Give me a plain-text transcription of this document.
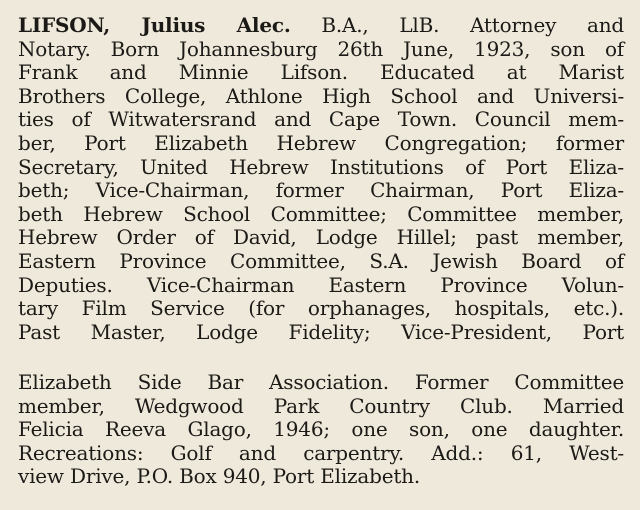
LIFSON, Julius Alec. B.A., LlB. Attorney and
Notary. Born Johannesburg 26th June, 1923, son of
Frank and Minnie Lifson. Educated at Marist
Brothers College, Athlone High School and Universi-
ties of Witwatersrand and Cape Town. Council mem-
ber, Port Elizabeth Hebrew Congregation; former
Secretary, United Hebrew Institutions of Port Eliza-
beth; Vice-Chairman, former Chairman, Port Eliza-
beth Hebrew School Committee; Committee member,
Hebrew Order of David, Lodge Hillel; past member,
Eastern Province Committee, S.A. Jewish Board of
Deputies. Vice-Chairman Eastern Province Volun-
tary Film Service (for orphanages, hospitals, etc.).
Past Master, Lodge Fidelity; Vice-President, Port
Elizabeth Side Bar Association. Former Committee
member, Wedgwood Park Country Club. Married
Felicia Reeva Glago, 1946; one son, one daughter.
Recreations: Golf and carpentry. Add.: 61, West-
view Drive, P.O. Box 940, Port Elizabeth.
